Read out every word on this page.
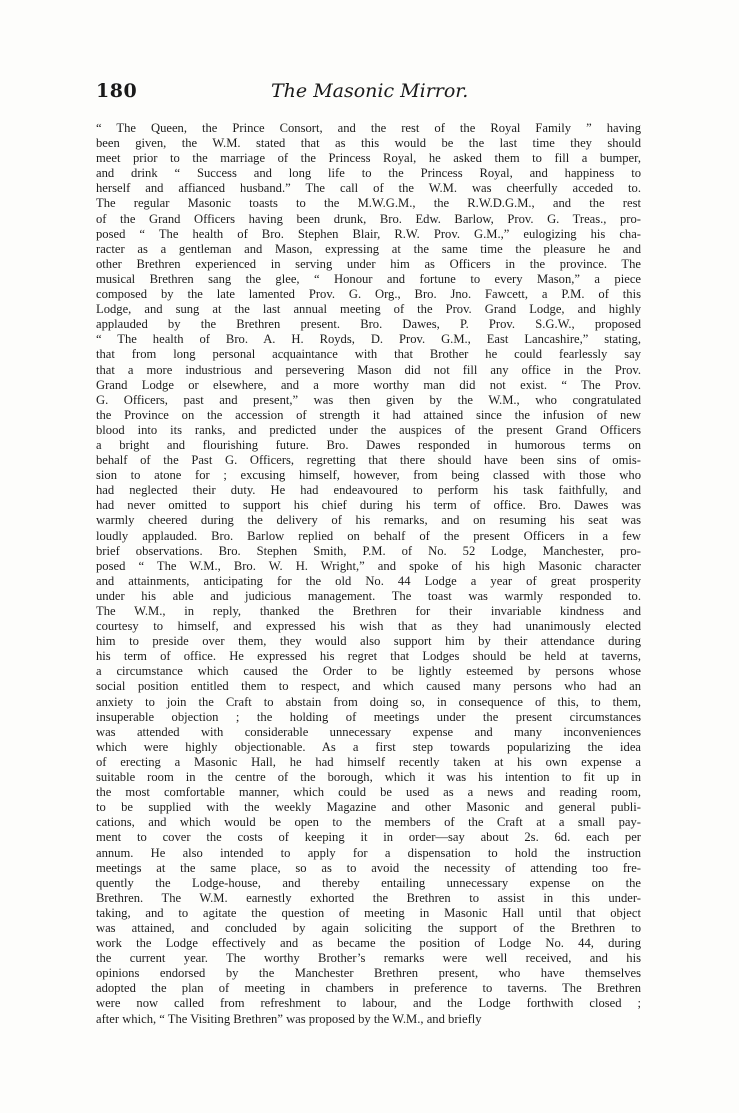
180	The Masonic Mirror.
“ The Queen, the Prince Consort, and the rest of the Royal Family ” having
been given, the W.M. stated that as this would be the last time they should
meet prior to the marriage of the Princess Royal, he asked them to fill a bumper,
and drink “ Success and long life to the Princess Royal, and happiness to
herself and affianced husband.” The call of the W.M. was cheerfully acceded to.
The regular Masonic toasts to the M.W.G.M., the R.W.D.G.M., and the rest
of the Grand Officers having been drunk, Bro. Edw. Barlow, Prov. G. Treas., pro-
posed “ The health of Bro. Stephen Blair, R.W. Prov. G.M.,” eulogizing his cha-
racter as a gentleman and Mason, expressing at the same time the pleasure he and
other Brethren experienced in serving under him as Officers in the province. The
musical Brethren sang the glee, “ Honour and fortune to every Mason,” a piece
composed by the late lamented Prov. G. Org., Bro. Jno. Fawcett, a P.M. of this
Lodge, and sung at the last annual meeting of the Prov. Grand Lodge, and highly
applauded by the Brethren present. Bro. Dawes, P. Prov. S.G.W., proposed
“ The health of Bro. A. H. Royds, D. Prov. G.M., East Lancashire,” stating,
that from long personal acquaintance with that Brother he could fearlessly say
that a more industrious and persevering Mason did not fill any office in the Prov.
Grand Lodge or elsewhere, and a more worthy man did not exist. “ The Prov.
G. Officers, past and present,” was then given by the W.M., who congratulated
the Province on the accession of strength it had attained since the infusion of new
blood into its ranks, and predicted under the auspices of the present Grand Officers
a bright and flourishing future. Bro. Dawes responded in humorous terms on
behalf of the Past G. Officers, regretting that there should have been sins of omis-
sion to atone for ; excusing himself, however, from being classed with those who
had neglected their duty. He had endeavoured to perform his task faithfully, and
had never omitted to support his chief during his term of office. Bro. Dawes was
warmly cheered during the delivery of his remarks, and on resuming his seat was
loudly applauded. Bro. Barlow replied on behalf of the present Officers in a few
brief observations. Bro. Stephen Smith, P.M. of No. 52 Lodge, Manchester, pro-
posed “ The W.M., Bro. W. H. Wright,” and spoke of his high Masonic character
and attainments, anticipating for the old No. 44 Lodge a year of great prosperity
under his able and judicious management. The toast was warmly responded to.
The W.M., in reply, thanked the Brethren for their invariable kindness and
courtesy to himself, and expressed his wish that as they had unanimously elected
him to preside over them, they would also support him by their attendance during
his term of office. He expressed his regret that Lodges should be held at taverns,
a circumstance which caused the Order to be lightly esteemed by persons whose
social position entitled them to respect, and which caused many persons who had an
anxiety to join the Craft to abstain from doing so, in consequence of this, to them,
insuperable objection ; the holding of meetings under the present circumstances
was attended with considerable unnecessary expense and many inconveniences
which were highly objectionable. As a first step towards popularizing the idea
of erecting a Masonic Hall, he had himself recently taken at his own expense a
suitable room in the centre of the borough, which it was his intention to fit up in
the most comfortable manner, which could be used as a news and reading room,
to be supplied with the weekly Magazine and other Masonic and general publi-
cations, and which would be open to the members of the Craft at a small pay-
ment to cover the costs of keeping it in order—say about 2s. 6d. each per
annum. He also intended to apply for a dispensation to hold the instruction
meetings at the same place, so as to avoid the necessity of attending too fre-
quently the Lodge-house, and thereby entailing unnecessary expense on the
Brethren. The W.M. earnestly exhorted the Brethren to assist in this under-
taking, and to agitate the question of meeting in Masonic Hall until that object
was attained, and concluded by again soliciting the support of the Brethren to
work the Lodge effectively and as became the position of Lodge No. 44, during
the current year. The worthy Brother’s remarks were well received, and his
opinions endorsed by the Manchester Brethren present, who have themselves
adopted the plan of meeting in chambers in preference to taverns. The Brethren
were now called from refreshment to labour, and the Lodge forthwith closed ;
after which, “ The Visiting Brethren” was proposed by the W.M., and briefly
